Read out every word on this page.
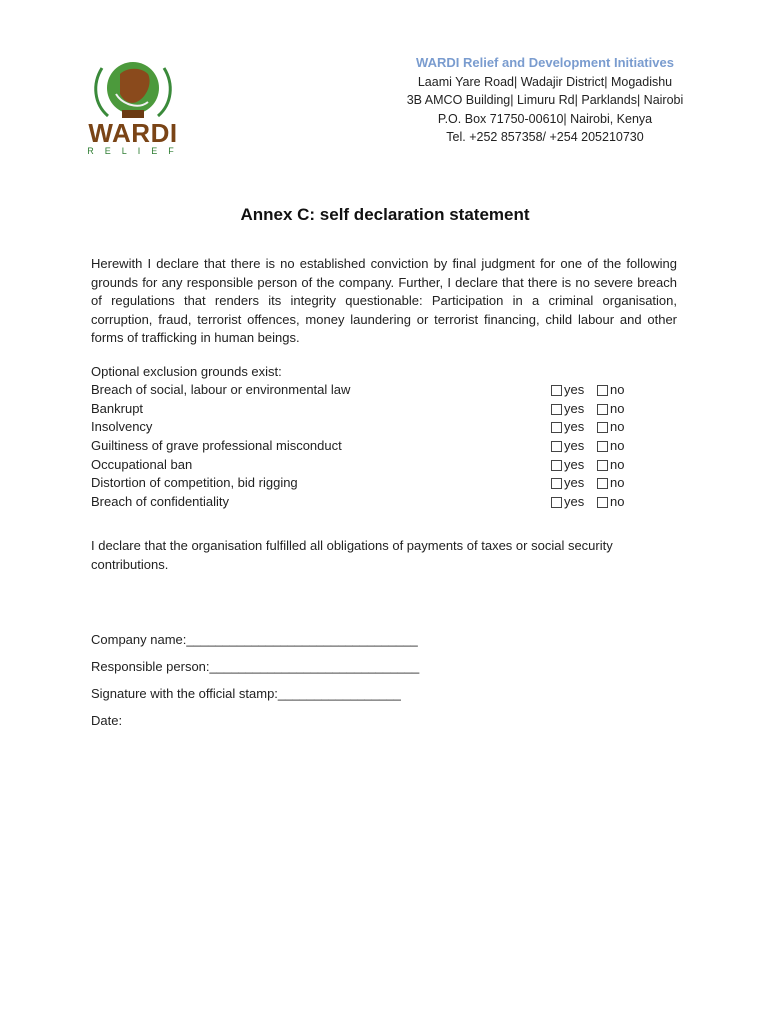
WARDI
RELIEF
WARDI Relief and Development Initiatives
Laami Yare Road| Wadajir District| Mogadishu
3B AMCO Building| Limuru Rd| Parklands| Nairobi
P.O. Box 71750-00610| Nairobi, Kenya
Tel. +252 857358/ +254 205210730
Annex C: self declaration statement
Herewith I declare that there is no established conviction by final judgment for one of the following grounds for any responsible person of the company. Further, I declare that there is no severe breach of regulations that renders its integrity questionable: Participation in a criminal organisation, corruption, fraud, terrorist offences, money laundering or terrorist financing, child labour and other forms of trafficking in human beings.
Optional exclusion grounds exist:
Breach of social, labour or environmental law	yes no
Bankrupt	yes no
Insolvency	yes no
Guiltiness of grave professional misconduct	yes no
Occupational ban	yes no
Distortion of competition, bid rigging	yes no
Breach of confidentiality	yes no
I declare that the organisation fulfilled all obligations of payments of taxes or social security contributions.
Company name:________________________________
Responsible person:_____________________________
Signature with the official stamp:_________________
Date:
